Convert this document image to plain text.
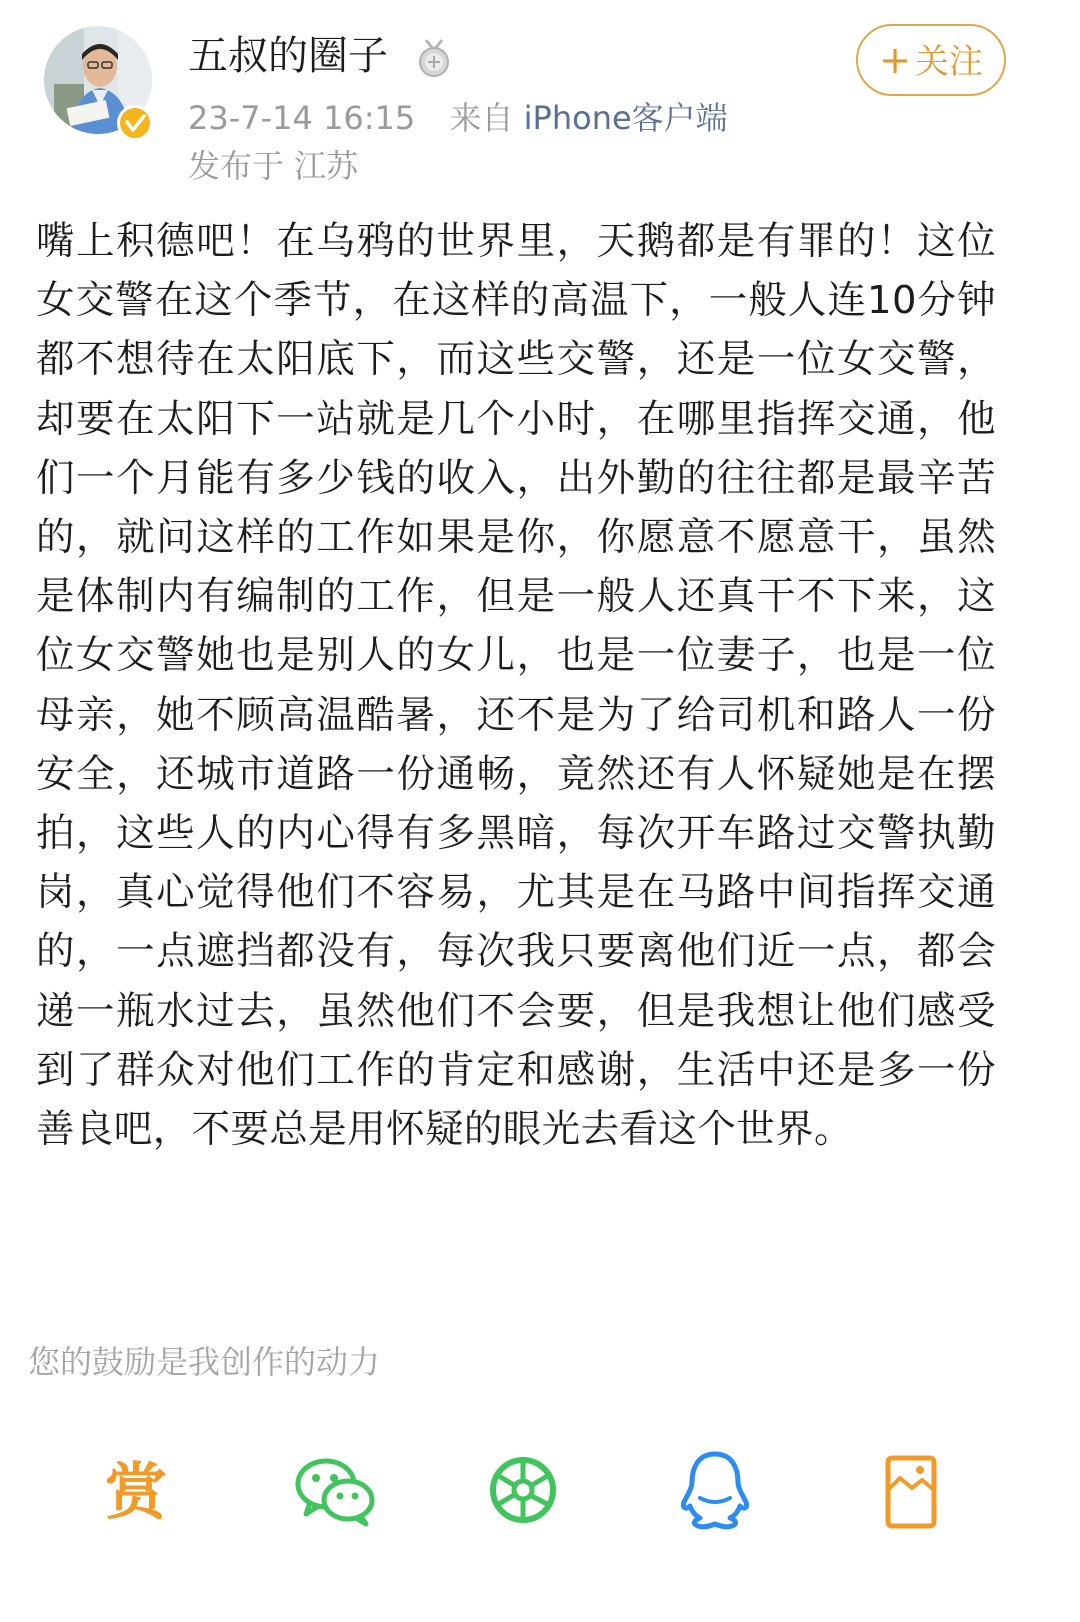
五叔的圈子
23-7-14 16:15 来自 iPhone客户端
发布于 江苏
+ 关注
嘴上积德吧！在乌鸦的世界里，天鹅都是有罪的！这位女交警在这个季节，在这样的高温下，一般人连10分钟都不想待在太阳底下，而这些交警，还是一位女交警，却要在太阳下一站就是几个小时，在哪里指挥交通，他们一个月能有多少钱的收入，出外勤的往往都是最辛苦的，就问这样的工作如果是你，你愿意不愿意干，虽然是体制内有编制的工作，但是一般人还真干不下来，这位女交警她也是别人的女儿，也是一位妻子，也是一位母亲，她不顾高温酷暑，还不是为了给司机和路人一份安全，还城市道路一份通畅，竟然还有人怀疑她是在摆拍，这些人的内心得有多黑暗，每次开车路过交警执勤岗，真心觉得他们不容易，尤其是在马路中间指挥交通的，一点遮挡都没有，每次我只要离他们近一点，都会递一瓶水过去，虽然他们不会要，但是我想让他们感受到了群众对他们工作的肯定和感谢，生活中还是多一份善良吧，不要总是用怀疑的眼光去看这个世界。
您的鼓励是我创作的动力
赏
